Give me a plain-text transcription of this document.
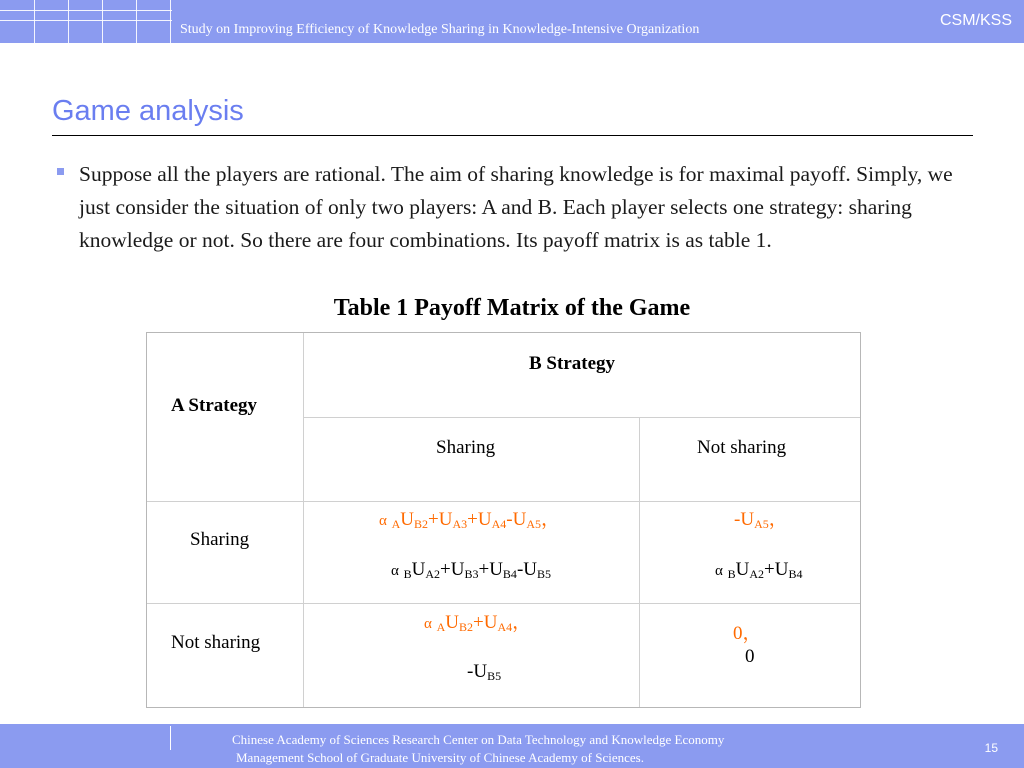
Study on Improving Efficiency of Knowledge Sharing in Knowledge-Intensive Organization
CSM/KSS
Game analysis
Suppose all the players are rational. The aim of sharing knowledge is for maximal payoff. Simply, we just consider the situation of only two players: A and B. Each player selects one strategy: sharing knowledge or not. So there are four combinations. Its payoff matrix is as table 1.
Table 1 Payoff Matrix of the Game
A Strategy
B Strategy
Sharing	Not sharing
Sharing
Not sharing
α $_AU_{B2}+U_{A3}+U_{A4}-U_{A5}$，
α $_BU_{A2}+U_{B3}+U_{B4}-U_{B5}$
$-U_{A5}$，
α $_BU_{A2}+U_{B4}$
α $_AU_{B2}+U_{A4}$，
$-U_{B5}$
0，
0
Chinese Academy of Sciences Research Center on Data Technology and Knowledge Economy
Management School of Graduate University of Chinese Academy of Sciences.
15
